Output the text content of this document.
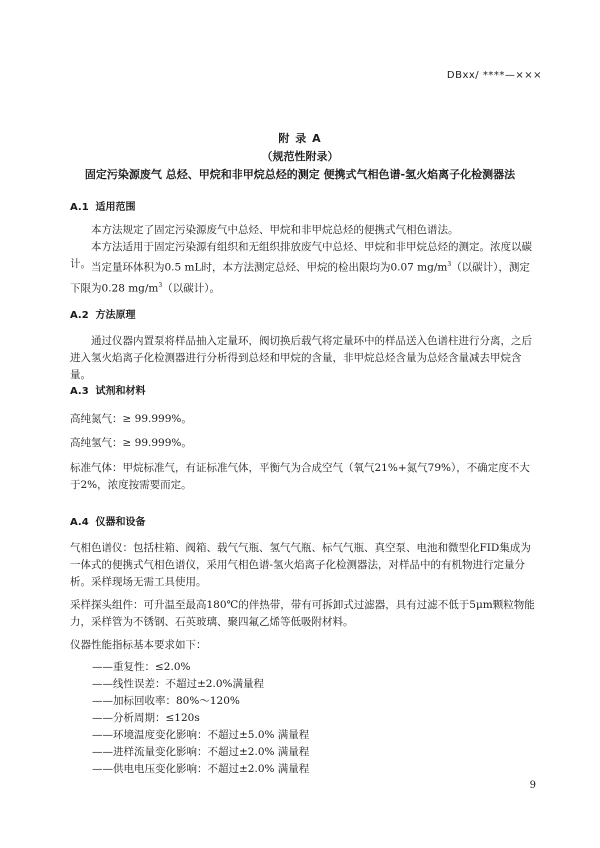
DBxx/ ****—×××
附 录 A
（规范性附录）
固定污染源废气 总烃、甲烷和非甲烷总烃的测定 便携式气相色谱-氢火焰离子化检测器法
A.1 适用范围
本方法规定了固定污染源废气中总烃、甲烷和非甲烷总烃的便携式气相色谱法。
本方法适用于固定污染源有组织和无组织排放废气中总烃、甲烷和非甲烷总烃的测定。浓度以碳计。 当定量环体积为0.5 mL时，本方法测定总烃、甲烷的检出限均为0.07 $mg/m^3$（以碳计），测定下限为0.28 $mg/m^3$（以碳计）。
A.2 方法原理
通过仪器内置泵将样品抽入定量环，阀切换后载气将定量环中的样品送入色谱柱进行分离，之后进入氢火焰离子化检测器进行分析得到总烃和甲烷的含量，非甲烷总烃含量为总烃含量减去甲烷含量。
A.3 试剂和材料
高纯氮气：≥ 99.999%。
高纯氢气：≥ 99.999%。
标准气体：甲烷标准气，有证标准气体，平衡气为合成空气（氧气21%+氮气79%），不确定度不大于2%，浓度按需要而定。
A.4 仪器和设备
气相色谱仪：包括柱箱、阀箱、载气气瓶、氢气气瓶、标气气瓶、真空泵、电池和微型化FID集成为一体式的便携式气相色谱仪，采用气相色谱-氢火焰离子化检测器法，对样品中的有机物进行定量分析。采样现场无需工具使用。
采样探头组件：可升温至最高180℃的伴热带，带有可拆卸式过滤器，具有过滤不低于5μm颗粒物能力，采样管为不锈钢、石英玻璃、聚四氟乙烯等低吸附材料。
仪器性能指标基本要求如下：
——重复性：≤2.0%
——线性误差：不超过±2.0%满量程
——加标回收率：80%～120%
——分析周期：≤120s
——环境温度变化影响：不超过±5.0% 满量程
——进样流量变化影响：不超过±2.0% 满量程
——供电电压变化影响：不超过±2.0% 满量程
9
